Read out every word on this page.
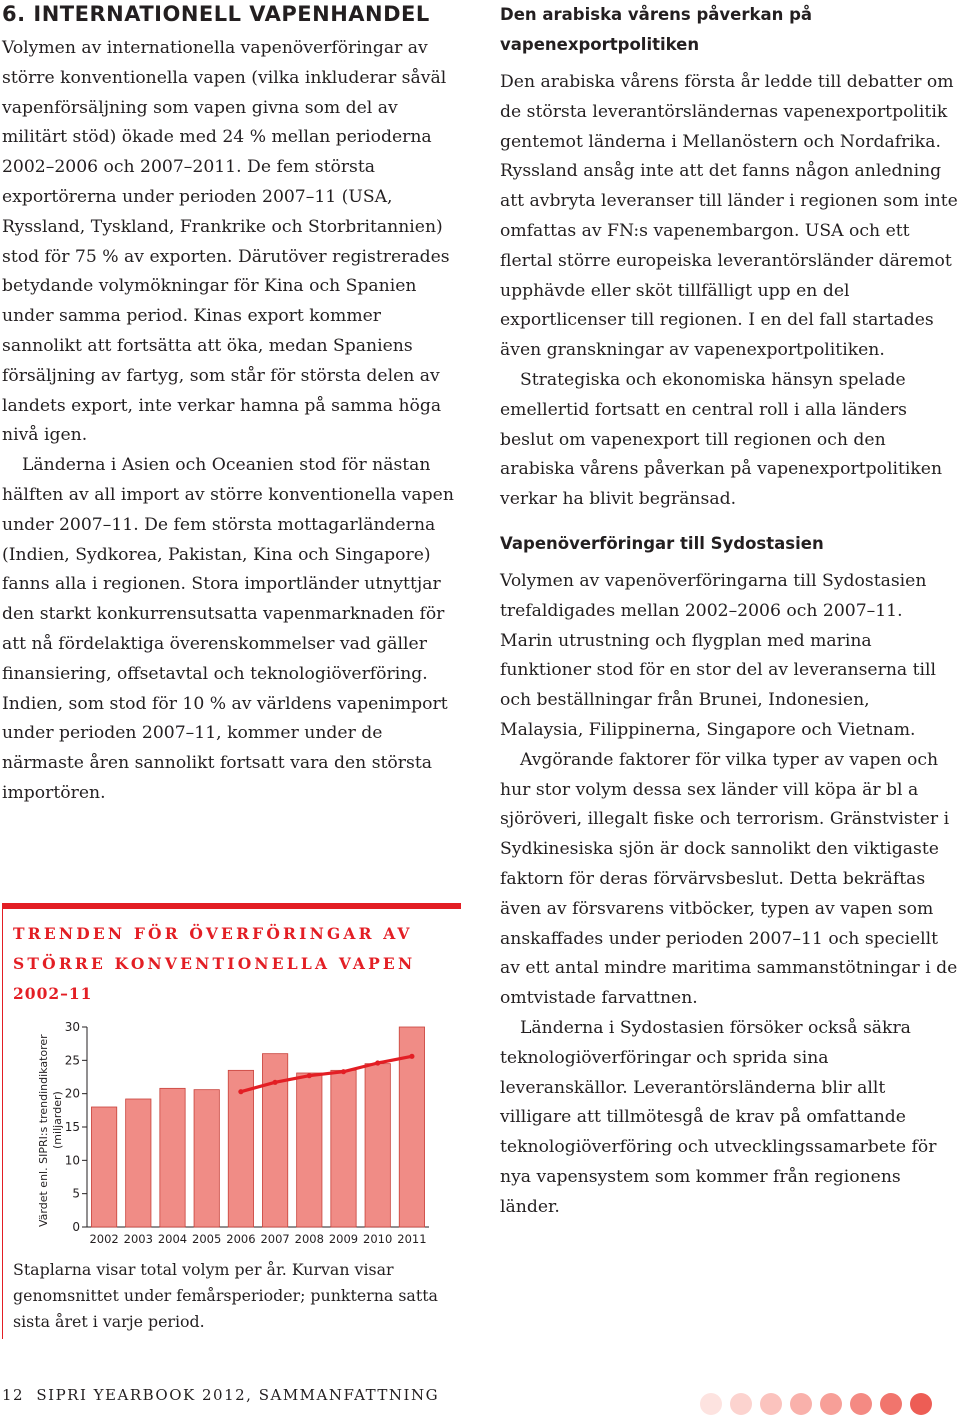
6. INTERNATIONELL VAPENHANDEL

Volymen av internationella vapenöverföringar av större konventionella vapen (vilka inkluderar såväl vapenförsäljning som vapen givna som del av militärt stöd) ökade med 24 % mellan perioderna 2002–2006 och 2007–2011. De fem största exportörerna under perioden 2007–11 (USA, Ryssland, Tyskland, Frankrike och Storbritannien) stod för 75 % av exporten. Därutöver registrerades betydande volymökningar för Kina och Spanien under samma period. Kinas export kommer sannolikt att fortsätta att öka, medan Spaniens försäljning av fartyg, som står för största delen av landets export, inte verkar hamna på samma höga nivå igen.

Länderna i Asien och Oceanien stod för nästan hälften av all import av större konventionella vapen under 2007–11. De fem största mottagarländerna (Indien, Sydkorea, Pakistan, Kina och Singapore) fanns alla i regionen. Stora importländer utnyttjar den starkt konkurrensutsatta vapenmarknaden för att nå fördelaktiga överenskommelser vad gäller finansiering, offsetavtal och teknologiöverföring. Indien, som stod för 10 % av världens vapenimport under perioden 2007–11, kommer under de närmaste åren sannolikt fortsatt vara den största importören.

Den arabiska vårens påverkan på vapenexportpolitiken

Den arabiska vårens första år ledde till debatter om de största leverantörsländernas vapenexportpolitik gentemot länderna i Mellanöstern och Nordafrika. Ryssland ansåg inte att det fanns någon anledning att avbryta leveranser till länder i regionen som inte omfattas av FN:s vapenembargon. USA och ett flertal större europeiska leverantörsländer däremot upphävde eller sköt tillfälligt upp en del exportlicenser till regionen. I en del fall startades även granskningar av vapenexportpolitiken.

Strategiska och ekonomiska hänsyn spelade emellertid fortsatt en central roll i alla länders beslut om vapenexport till regionen och den arabiska vårens påverkan på vapenexportpolitiken verkar ha blivit begränsad.

Vapenöverföringar till Sydostasien

Volymen av vapenöverföringarna till Sydostasien trefaldigades mellan 2002–2006 och 2007–11. Marin utrustning och flygplan med marina funktioner stod för en stor del av leveranserna till och beställningar från Brunei, Indonesien, Malaysia, Filippinerna, Singapore och Vietnam.

Avgörande faktorer för vilka typer av vapen och hur stor volym dessa sex länder vill köpa är bl a sjöröveri, illegalt fiske och terrorism. Gränstvister i Sydkinesiska sjön är dock sannolikt den viktigaste faktorn för deras förvärvsbeslut. Detta bekräftas även av försvarens vitböcker, typen av vapen som anskaffades under perioden 2007–11 och speciellt av ett antal mindre maritima sammanstötningar i de omtvistade farvattnen.

Länderna i Sydostasien försöker också säkra teknologiöverföringar och sprida sina leveranskällor. Leverantörsländerna blir allt villigare att tillmötesgå de krav på omfattande teknologiöverföring och utvecklingssamarbete för nya vapensystem som kommer från regionens länder.

TRENDEN FÖR ÖVERFÖRINGAR AV
STÖRRE KONVENTIONELLA VAPEN
2002–11
Värdet enl. SIPRI:s trendindikatorer (miljarder)
0
5
10
15
20
25
30
2002 2003 2004 2005 2006 2007 2008 2009 2010 2011
Staplarna visar total volym per år. Kurvan visar genomsnittet under femårsperioder; punkterna satta sista året i varje period.
12 SIPRI YEARBOOK 2012, SAMMANFATTNING
